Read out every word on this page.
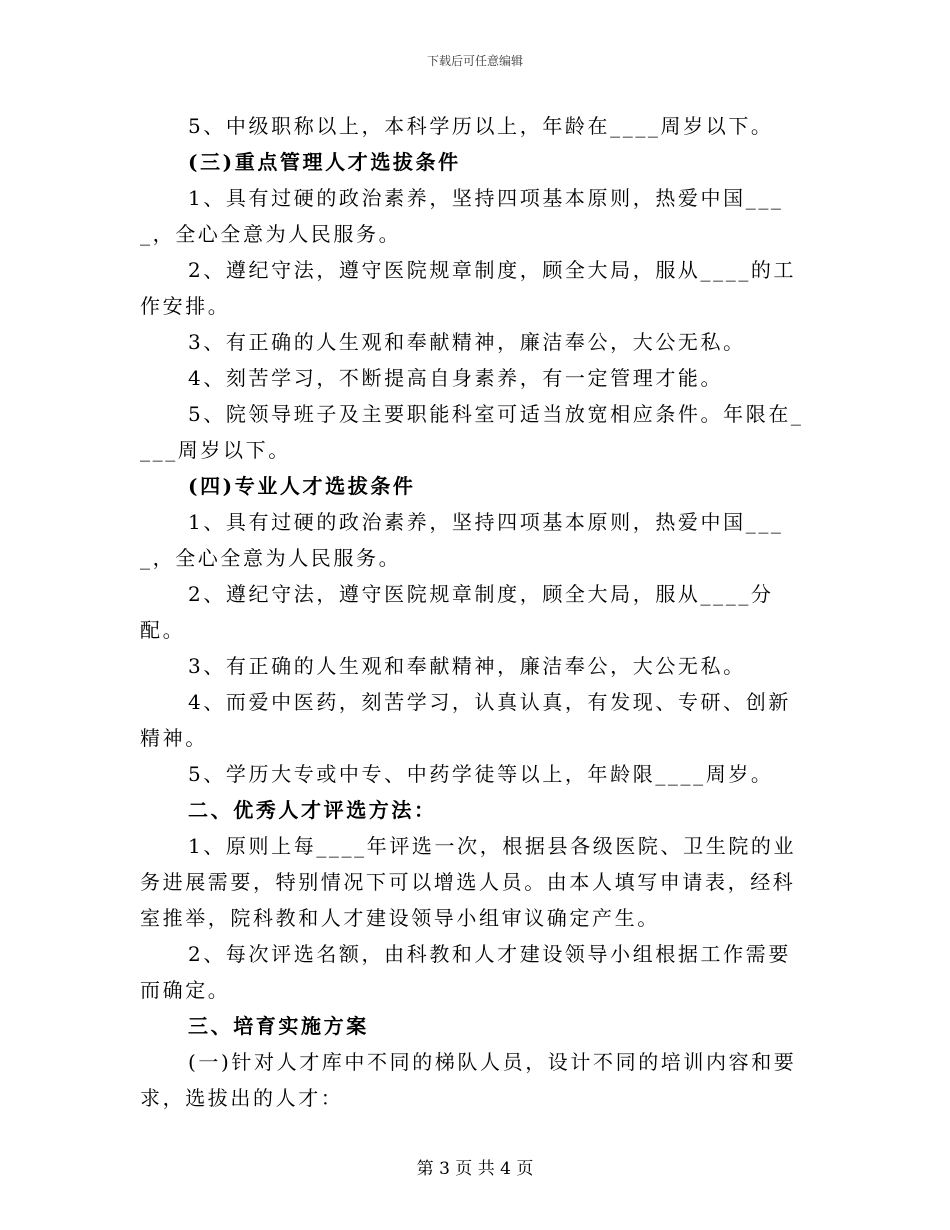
下载后可任意编辑

5、中级职称以上，本科学历以上，年龄在____周岁以下。

(三)重点管理人才选拔条件

1、具有过硬的政治素养，坚持四项基本原则，热爱中国____，全心全意为人民服务。

2、遵纪守法，遵守医院规章制度，顾全大局，服从____的工作安排。

3、有正确的人生观和奉献精神，廉洁奉公，大公无私。

4、刻苦学习，不断提高自身素养，有一定管理才能。

5、院领导班子及主要职能科室可适当放宽相应条件。年限在____周岁以下。

(四)专业人才选拔条件

1、具有过硬的政治素养，坚持四项基本原则，热爱中国____，全心全意为人民服务。

2、遵纪守法，遵守医院规章制度，顾全大局，服从____分配。

3、有正确的人生观和奉献精神，廉洁奉公，大公无私。

4、而爱中医药，刻苦学习，认真认真，有发现、专研、创新精神。

5、学历大专或中专、中药学徒等以上，年龄限____周岁。

二、优秀人才评选方法：

1、原则上每____年评选一次，根据县各级医院、卫生院的业务进展需要，特别情况下可以增选人员。由本人填写申请表，经科室推举，院科教和人才建设领导小组审议确定产生。

2、每次评选名额，由科教和人才建设领导小组根据工作需要而确定。

三、培育实施方案

(一)针对人才库中不同的梯队人员，设计不同的培训内容和要求，选拔出的人才：

第 3 页 共 4 页
